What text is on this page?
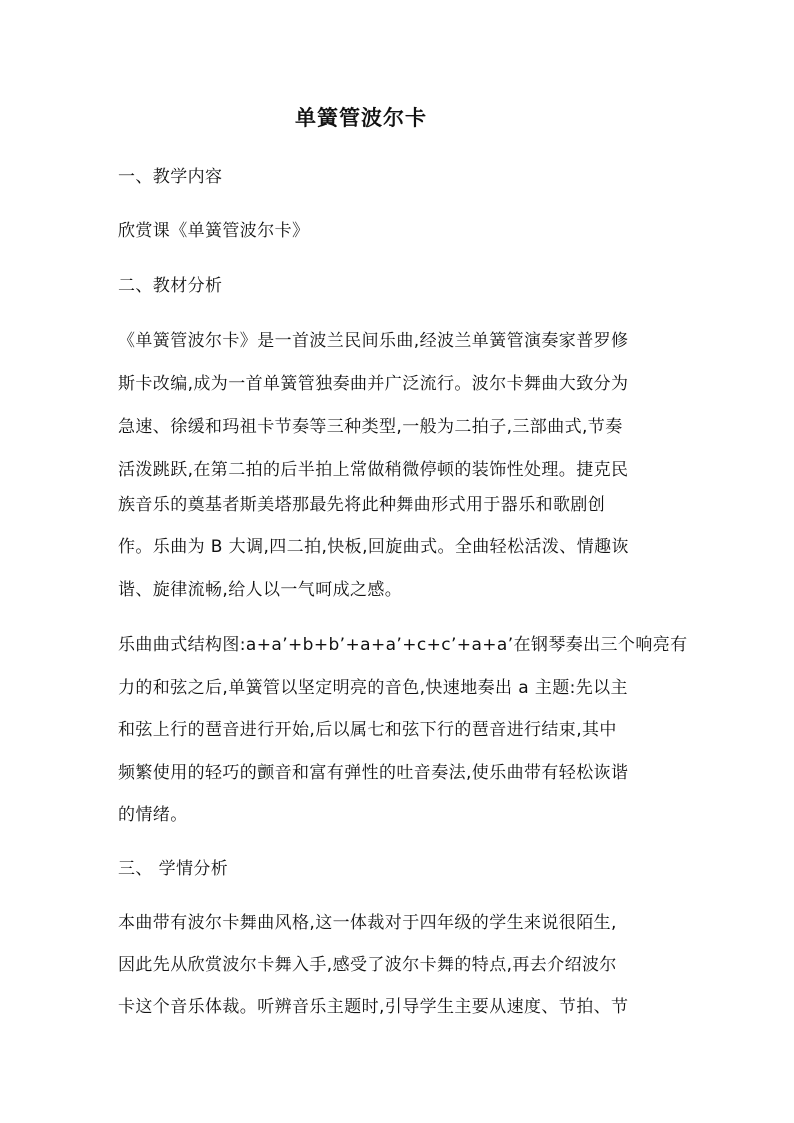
单簧管波尔卡

一、教学内容

欣赏课《单簧管波尔卡》

二、教材分析

《单簧管波尔卡》是一首波兰民间乐曲,经波兰单簧管演奏家普罗修

斯卡改编,成为一首单簧管独奏曲并广泛流行。波尔卡舞曲大致分为

急速、徐缓和玛祖卡节奏等三种类型,一般为二拍子,三部曲式,节奏

活泼跳跃,在第二拍的后半拍上常做稍微停顿的装饰性处理。捷克民

族音乐的奠基者斯美塔那最先将此种舞曲形式用于器乐和歌剧创

作。乐曲为 B 大调,四二拍,快板,回旋曲式。全曲轻松活泼、情趣诙

谐、旋律流畅,给人以一气呵成之感。

乐曲曲式结构图:a+a’+b+b’+a+a’+c+c’+a+a’在钢琴奏出三个响亮有

力的和弦之后,单簧管以坚定明亮的音色,快速地奏出 a 主题:先以主

和弦上行的琶音进行开始,后以属七和弦下行的琶音进行结束,其中

频繁使用的轻巧的颤音和富有弹性的吐音奏法,使乐曲带有轻松诙谐

的情绪。

三、 学情分析

本曲带有波尔卡舞曲风格,这一体裁对于四年级的学生来说很陌生,

因此先从欣赏波尔卡舞入手,感受了波尔卡舞的特点,再去介绍波尔

卡这个音乐体裁。听辨音乐主题时,引导学生主要从速度、节拍、节
